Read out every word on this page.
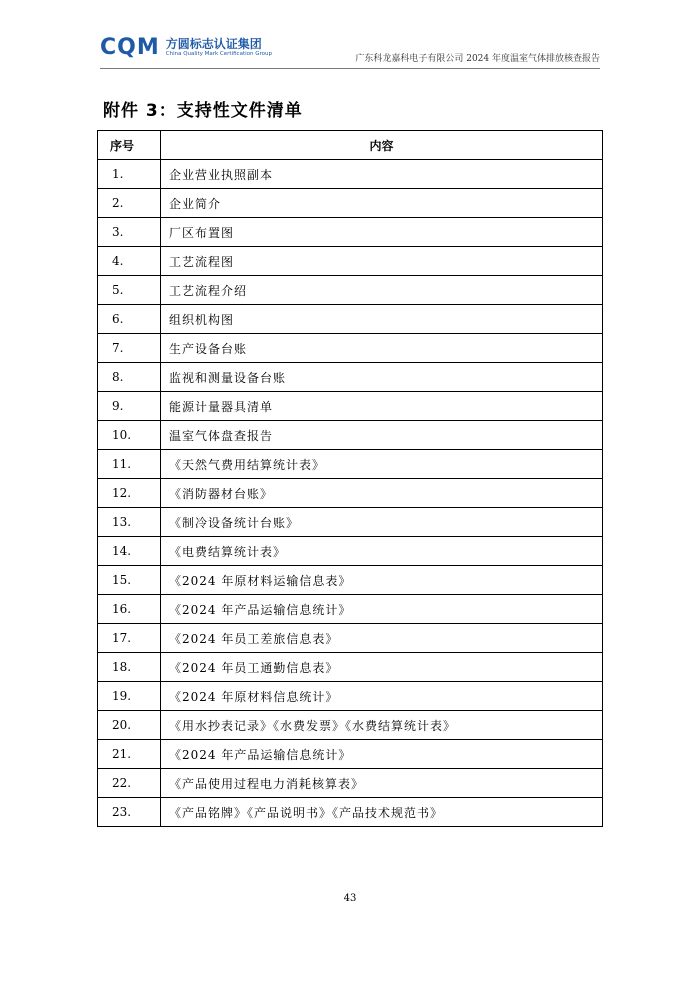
CQM 方圆标志认证集团
China Quality Mark Certification Group	广东科龙嘉科电子有限公司 2024 年度温室气体排放核查报告
附件 3：支持性文件清单
序号	内容
1.	企业营业执照副本
2.	企业简介
3.	厂区布置图
4.	工艺流程图
5.	工艺流程介绍
6.	组织机构图
7.	生产设备台账
8.	监视和测量设备台账
9.	能源计量器具清单
10.	温室气体盘查报告
11.	《天然气费用结算统计表》
12.	《消防器材台账》
13.	《制冷设备统计台账》
14.	《电费结算统计表》
15.	《2024 年原材料运输信息表》
16.	《2024 年产品运输信息统计》
17.	《2024 年员工差旅信息表》
18.	《2024 年员工通勤信息表》
19.	《2024 年原材料信息统计》
20.	《用水抄表记录》《水费发票》《水费结算统计表》
21.	《2024 年产品运输信息统计》
22.	《产品使用过程电力消耗核算表》
23.	《产品铭牌》《产品说明书》《产品技术规范书》
43
